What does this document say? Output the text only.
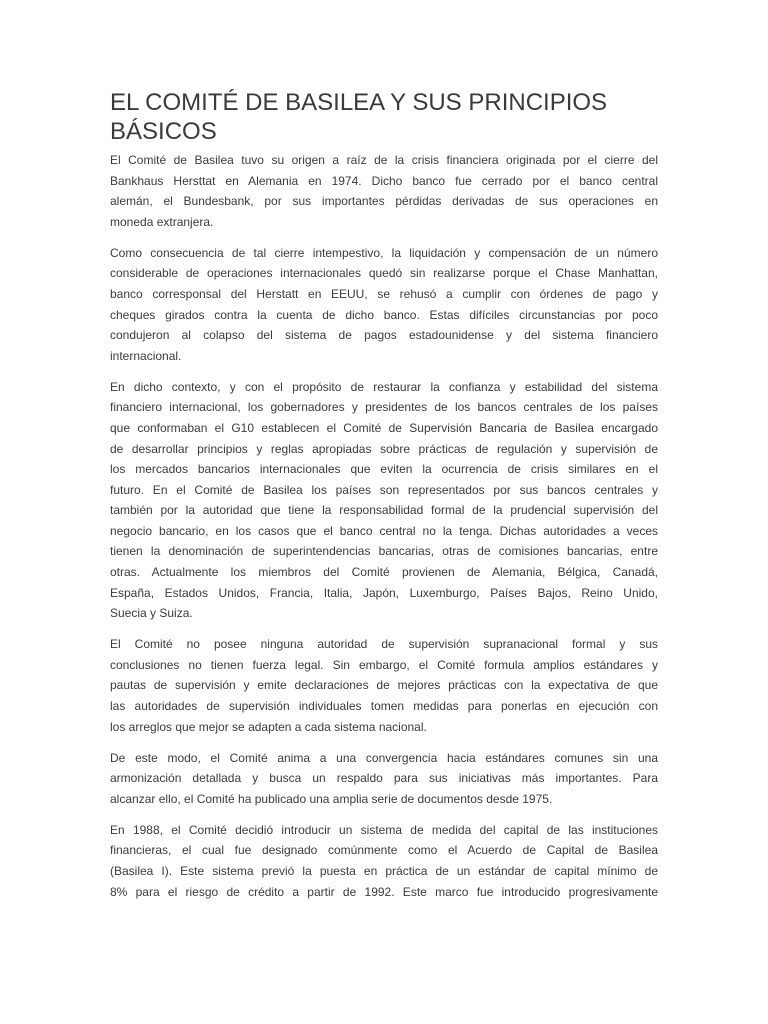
EL COMITÉ DE BASILEA Y SUS PRINCIPIOS BÁSICOS

El Comité de Basilea tuvo su origen a raíz de la crisis financiera originada por el cierre del
Bankhaus Hersttat en Alemania en 1974. Dicho banco fue cerrado por el banco central
alemán, el Bundesbank, por sus importantes pérdidas derivadas de sus operaciones en
moneda extranjera.

Como consecuencia de tal cierre intempestivo, la liquidación y compensación de un número
considerable de operaciones internacionales quedó sin realizarse porque el Chase Manhattan,
banco corresponsal del Herstatt en EEUU, se rehusó a cumplir con órdenes de pago y
cheques girados contra la cuenta de dicho banco. Estas difíciles circunstancias por poco
condujeron al colapso del sistema de pagos estadounidense y del sistema financiero
internacional.

En dicho contexto, y con el propósito de restaurar la confianza y estabilidad del sistema
financiero internacional, los gobernadores y presidentes de los bancos centrales de los países
que conformaban el G10 establecen el Comité de Supervisión Bancaria de Basilea encargado
de desarrollar principios y reglas apropiadas sobre prácticas de regulación y supervisión de
los mercados bancarios internacionales que eviten la ocurrencia de crisis similares en el
futuro. En el Comité de Basilea los países son representados por sus bancos centrales y
también por la autoridad que tiene la responsabilidad formal de la prudencial supervisión del
negocio bancario, en los casos que el banco central no la tenga. Dichas autoridades a veces
tienen la denominación de superintendencias bancarias, otras de comisiones bancarias, entre
otras. Actualmente los miembros del Comité provienen de Alemania, Bélgica, Canadá,
España, Estados Unidos, Francia, Italia, Japón, Luxemburgo, Países Bajos, Reino Unido,
Suecia y Suiza.

El Comité no posee ninguna autoridad de supervisión supranacional formal y sus
conclusiones no tienen fuerza legal. Sin embargo, el Comité formula amplios estándares y
pautas de supervisión y emite declaraciones de mejores prácticas con la expectativa de que
las autoridades de supervisión individuales tomen medidas para ponerlas en ejecución con
los arreglos que mejor se adapten a cada sistema nacional.

De este modo, el Comité anima a una convergencia hacia estándares comunes sin una
armonización detallada y busca un respaldo para sus iniciativas más importantes. Para
alcanzar ello, el Comité ha publicado una amplia serie de documentos desde 1975.

En 1988, el Comité decidió introducir un sistema de medida del capital de las instituciones
financieras, el cual fue designado comúnmente como el Acuerdo de Capital de Basilea
(Basilea I). Este sistema previó la puesta en práctica de un estándar de capital mínimo de
8% para el riesgo de crédito a partir de 1992. Este marco fue introducido progresivamente
